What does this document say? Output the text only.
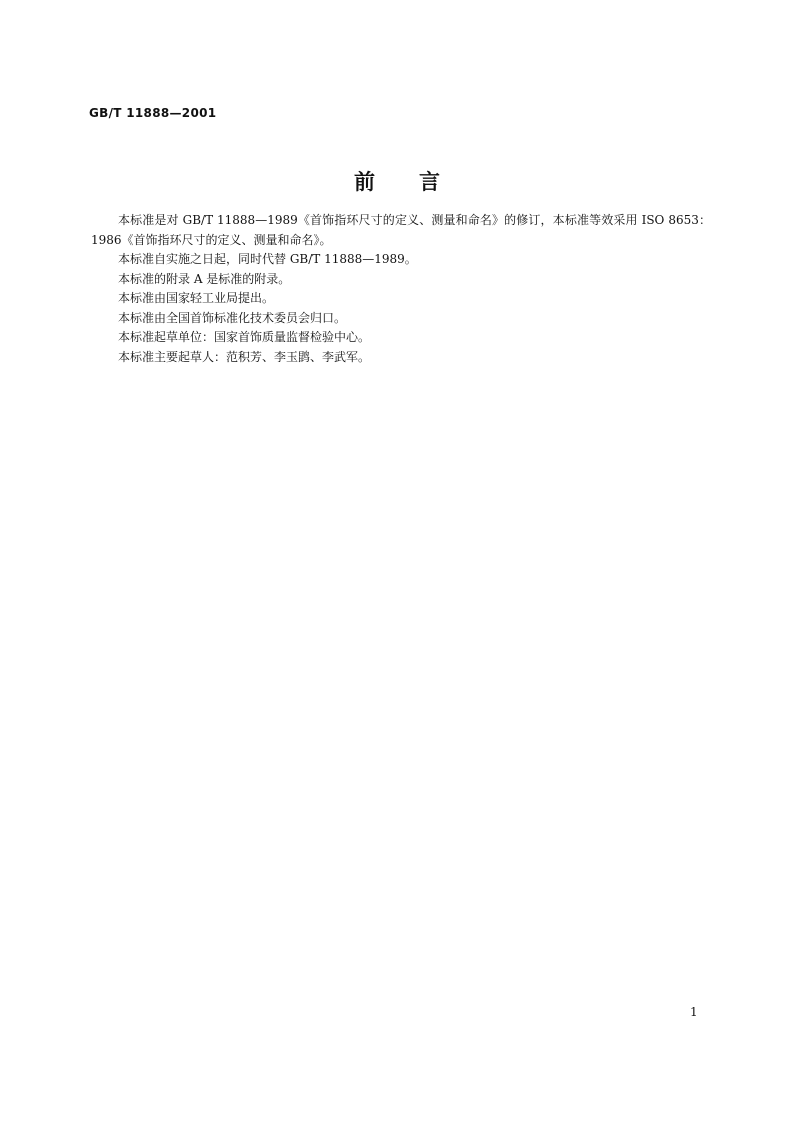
GB/T 11888—2001
前言

本标准是对 GB/T 11888—1989《首饰指环尺寸的定义、测量和命名》的修订，本标准等效采用 ISO 8653：1986《首饰指环尺寸的定义、测量和命名》。

本标准自实施之日起，同时代替 GB/T 11888—1989。

本标准的附录 A 是标准的附录。

本标准由国家轻工业局提出。

本标准由全国首饰标准化技术委员会归口。

本标准起草单位：国家首饰质量监督检验中心。

本标准主要起草人：范积芳、李玉鹍、李武军。

1
